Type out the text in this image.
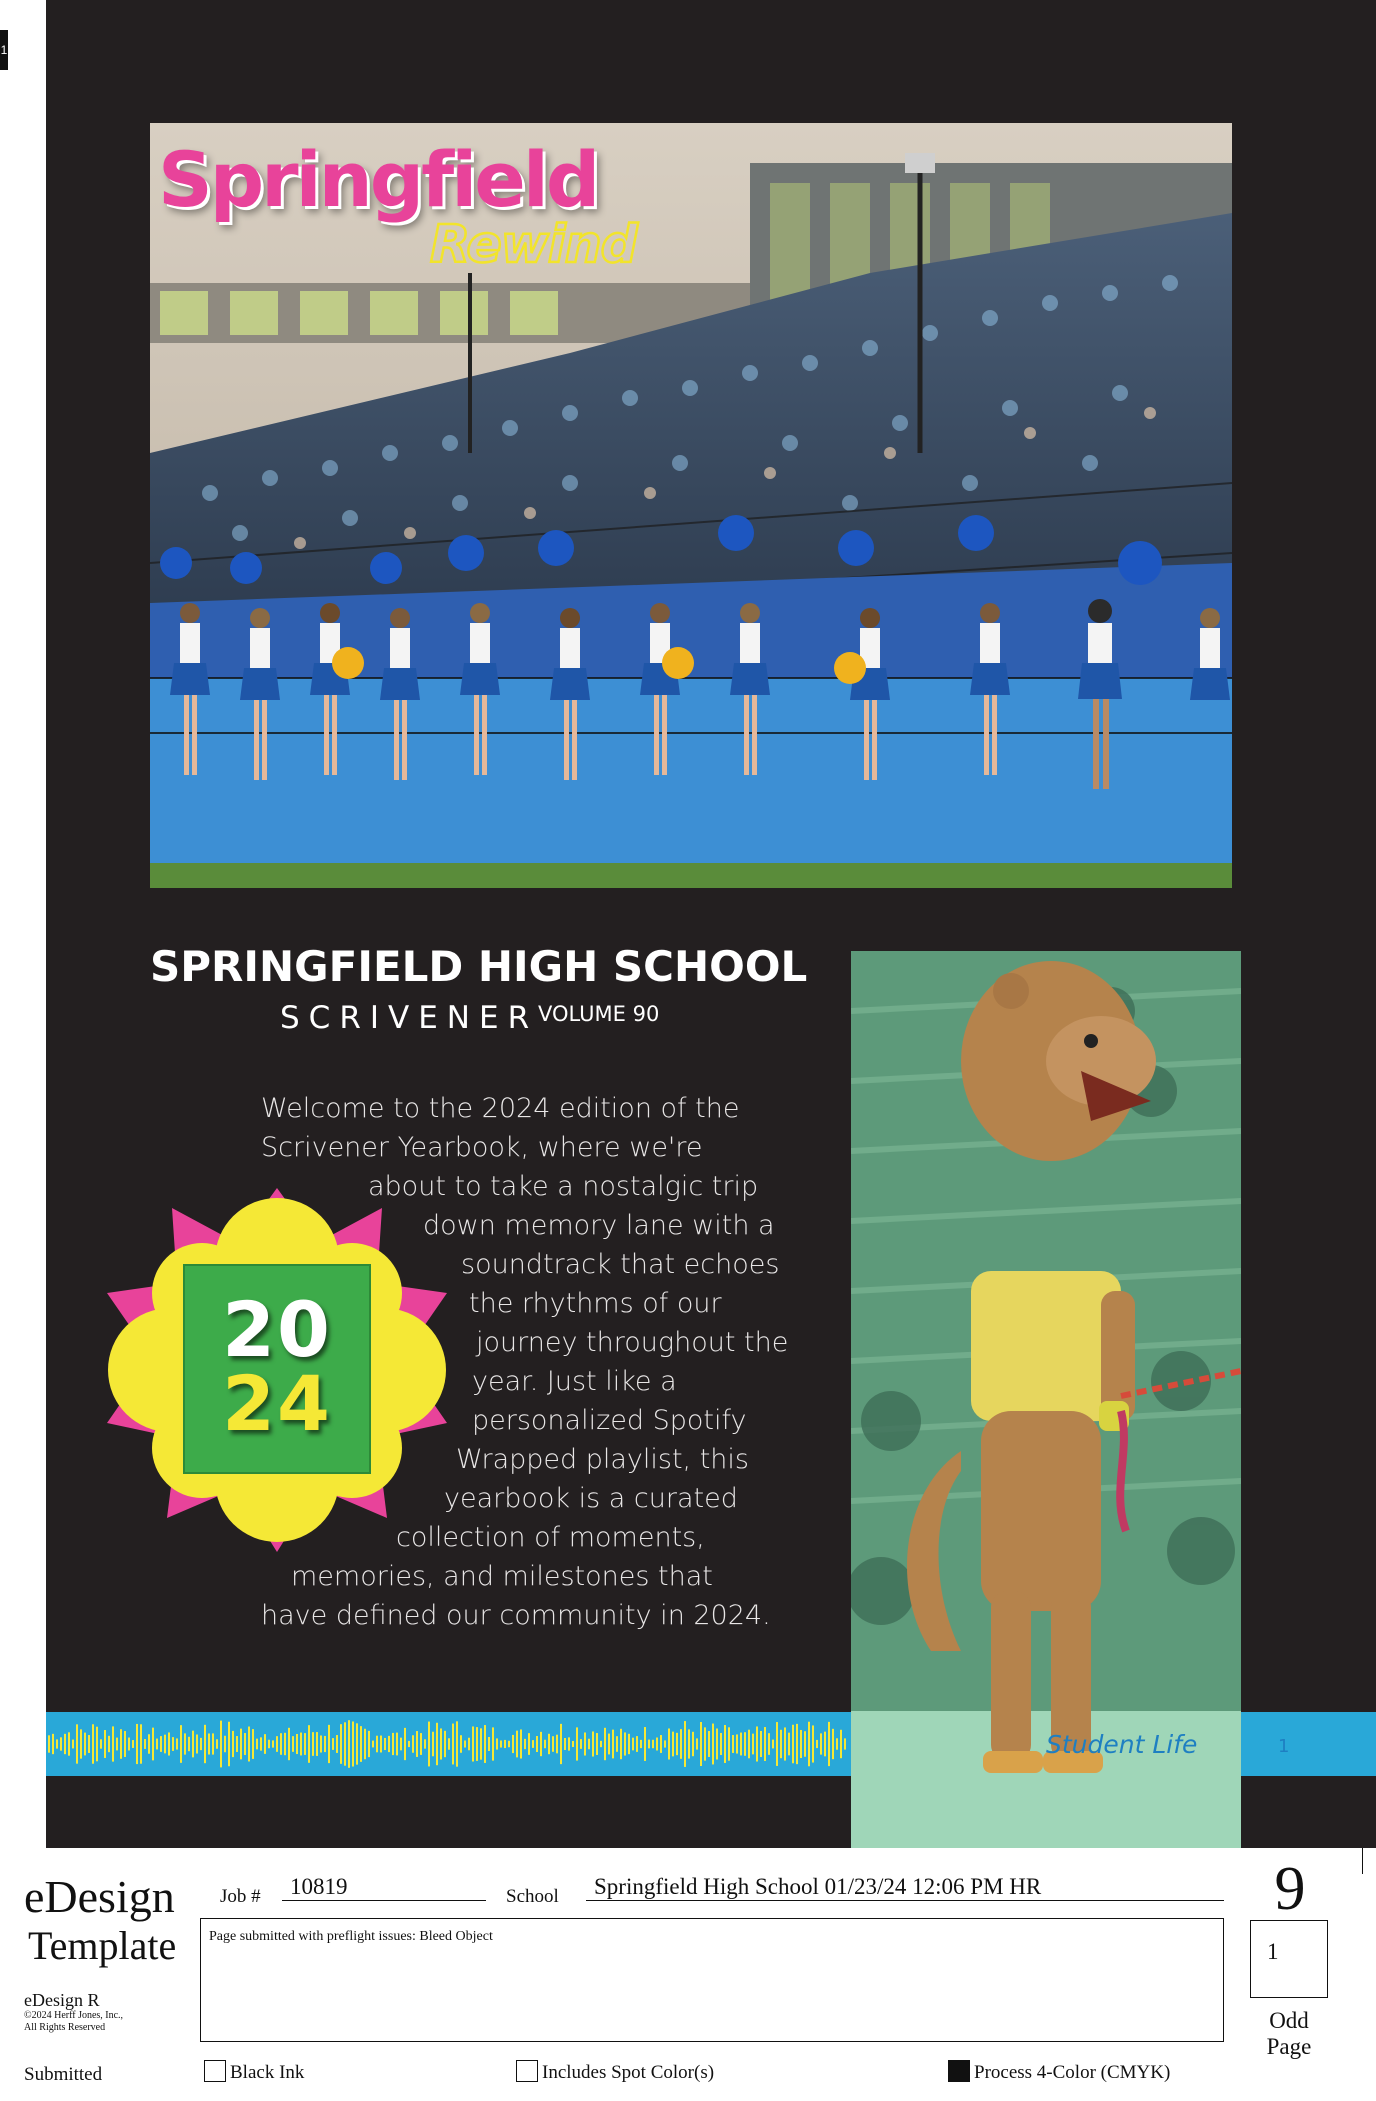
1
Springfield
Rewind
SPRINGFIELD HIGH SCHOOL
SCRIVENER VOLUME 90
Welcome to the 2024 edition of the
Scrivener Yearbook, where we're
about to take a nostalgic trip
down memory lane with a
soundtrack that echoes
the rhythms of our
journey throughout the
year. Just like a
personalized Spotify
Wrapped playlist, this
yearbook is a curated
collection of moments,
memories, and milestones that
have defined our community in 2024.
20
24
Student Life	1
eDesign
Template
eDesign R
©2024 Herff Jones, Inc.,
All Rights Reserved
Submitted
Job #	10819	School	Springfield High School 01/23/24 12:06 PM HR
Page submitted with preflight issues: Bleed Object
9
1
Odd
Page
Black Ink	Includes Spot Color(s)	Process 4-Color (CMYK)
